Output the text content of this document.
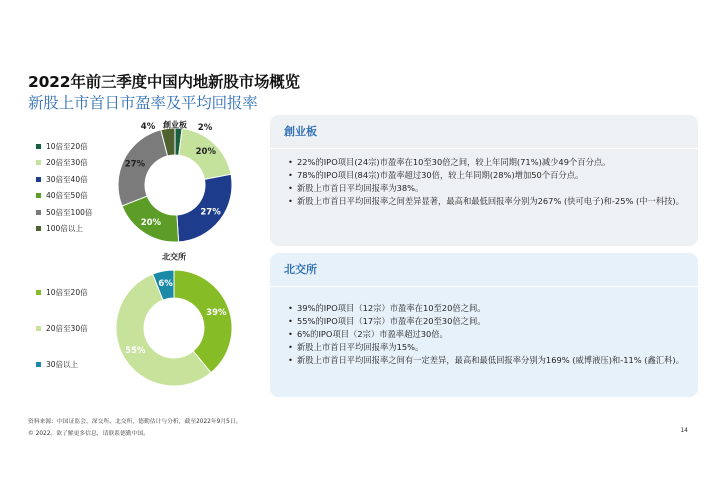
2022年前三季度中国内地新股市场概览
新股上市首日市盈率及平均回报率
10倍至20倍
20倍至30倍
30倍至40倍
40倍至50倍
50倍至100倍
100倍以上
2%
20%
27%
20%
27%
4% 創业板
10倍至20倍
20倍至30倍
30倍以上
39%
55%
6%
北交所
創业板
• 22%的IPO项目(24宗)市盈率在10至30倍之间，较上年同期(71%)减少49个百分点。
• 78%的IPO项目(84宗)市盈率超过30倍，较上年同期(28%)增加50个百分点。
• 新股上市首日平均回报率为38%。
• 新股上市首日平均回报率之间差异显著，最高和最低回报率分别为267% (快可电子)和-25% (中一科技)。
北交所
• 39%的IPO项目（12宗）市盈率在10至20倍之间。
• 55%的IPO项目（17宗）市盈率在20至30倍之间。
• 6%的IPO项目（2宗）市盈率超过30倍。
• 新股上市首日平均回报率为15%。
• 新股上市首日平均回报率之间有一定差异，最高和最低回报率分别为169% (威博液压)和-11% (鑫汇科)。
资料来源：中国证监会、深交所、北交所，德勤估计与分析，截至2022年9月5日。
© 2022。欲了解更多信息，请联系德勤中国。	14
